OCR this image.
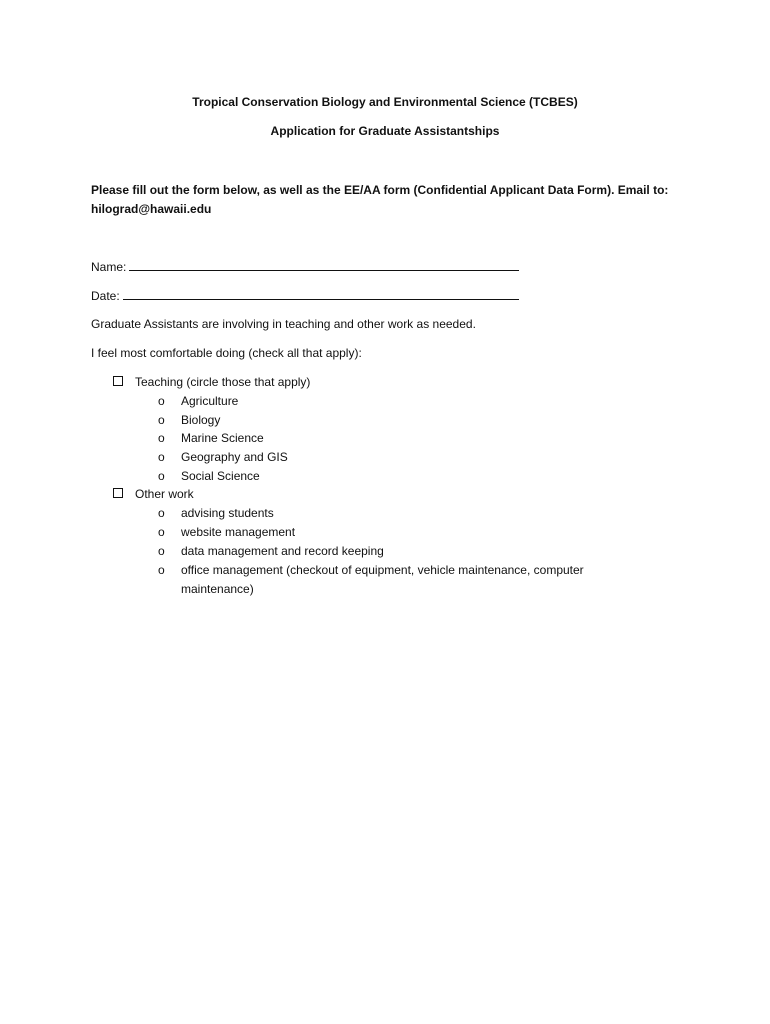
Tropical Conservation Biology and Environmental Science (TCBES)
Application for Graduate Assistantships
Please fill out the form below, as well as the EE/AA form (Confidential Applicant Data Form). Email to:
hilograd@hawaii.edu
Name:
Date:
Graduate Assistants are involving in teaching and other work as needed.
I feel most comfortable doing (check all that apply):
Teaching (circle those that apply)
o	Agriculture
o	Biology
o	Marine Science
o	Geography and GIS
o	Social Science
Other work
o	advising students
o	website management
o	data management and record keeping
o	office management (checkout of equipment, vehicle maintenance, computer maintenance)
